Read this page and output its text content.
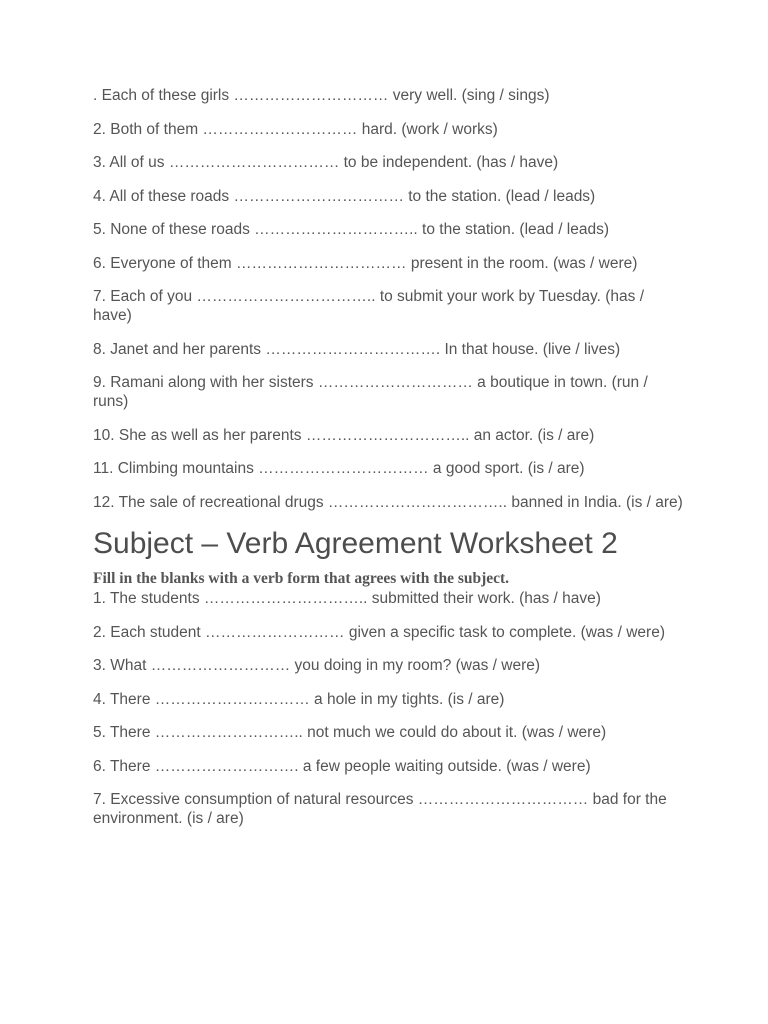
. Each of these girls ………………………… very well. (sing / sings)

2. Both of them ………………………… hard. (work / works)

3. All of us …………………………… to be independent. (has / have)

4. All of these roads …………………………… to the station. (lead / leads)

5. None of these roads ………………………….. to the station. (lead / leads)

6. Everyone of them …………………………… present in the room. (was / were)

7. Each of you …………………………….. to submit your work by Tuesday. (has / have)

8. Janet and her parents ……………………………. In that house. (live / lives)

9. Ramani along with her sisters ………………………… a boutique in town. (run / runs)

10. She as well as her parents ………………………….. an actor. (is / are)

11. Climbing mountains …………………………… a good sport. (is / are)

12. The sale of recreational drugs …………………………….. banned in India. (is / are)

Subject – Verb Agreement Worksheet 2

Fill in the blanks with a verb form that agrees with the subject.

1. The students ………………………….. submitted their work. (has / have)

2. Each student ……………………… given a specific task to complete. (was / were)

3. What ……………………… you doing in my room? (was / were)

4. There ………………………… a hole in my tights. (is / are)

5. There ……………………….. not much we could do about it. (was / were)

6. There ………………………. a few people waiting outside. (was / were)

7. Excessive consumption of natural resources …………………………… bad for the environment. (is / are)
